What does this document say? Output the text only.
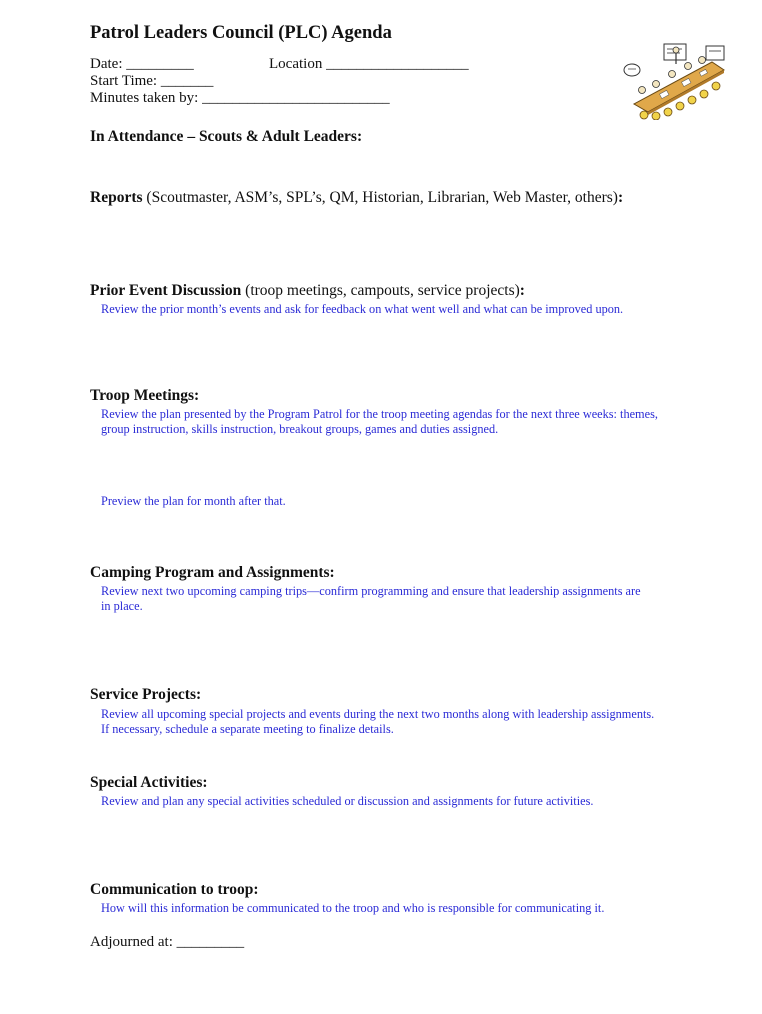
Patrol Leaders Council (PLC) Agenda
Date: _________	Location ___________________
Start Time: _______
Minutes taken by: _________________________
In Attendance – Scouts & Adult Leaders:
Reports (Scoutmaster, ASM’s, SPL’s, QM, Historian, Librarian, Web Master, others):
Prior Event Discussion (troop meetings, campouts, service projects):
Review the prior month’s events and ask for feedback on what went well and what can be improved upon.
Troop Meetings:
Review the plan presented by the Program Patrol for the troop meeting agendas for the next three weeks: themes, group instruction, skills instruction, breakout groups, games and duties assigned.
Preview the plan for month after that.
Camping Program and Assignments:
Review next two upcoming camping trips—confirm programming and ensure that leadership assignments are in place.
Service Projects:
Review all upcoming special projects and events during the next two months along with leadership assignments. If necessary, schedule a separate meeting to finalize details.
Special Activities:
Review and plan any special activities scheduled or discussion and assignments for future activities.
Communication to troop:
How will this information be communicated to the troop and who is responsible for communicating it.
Adjourned at: _________
